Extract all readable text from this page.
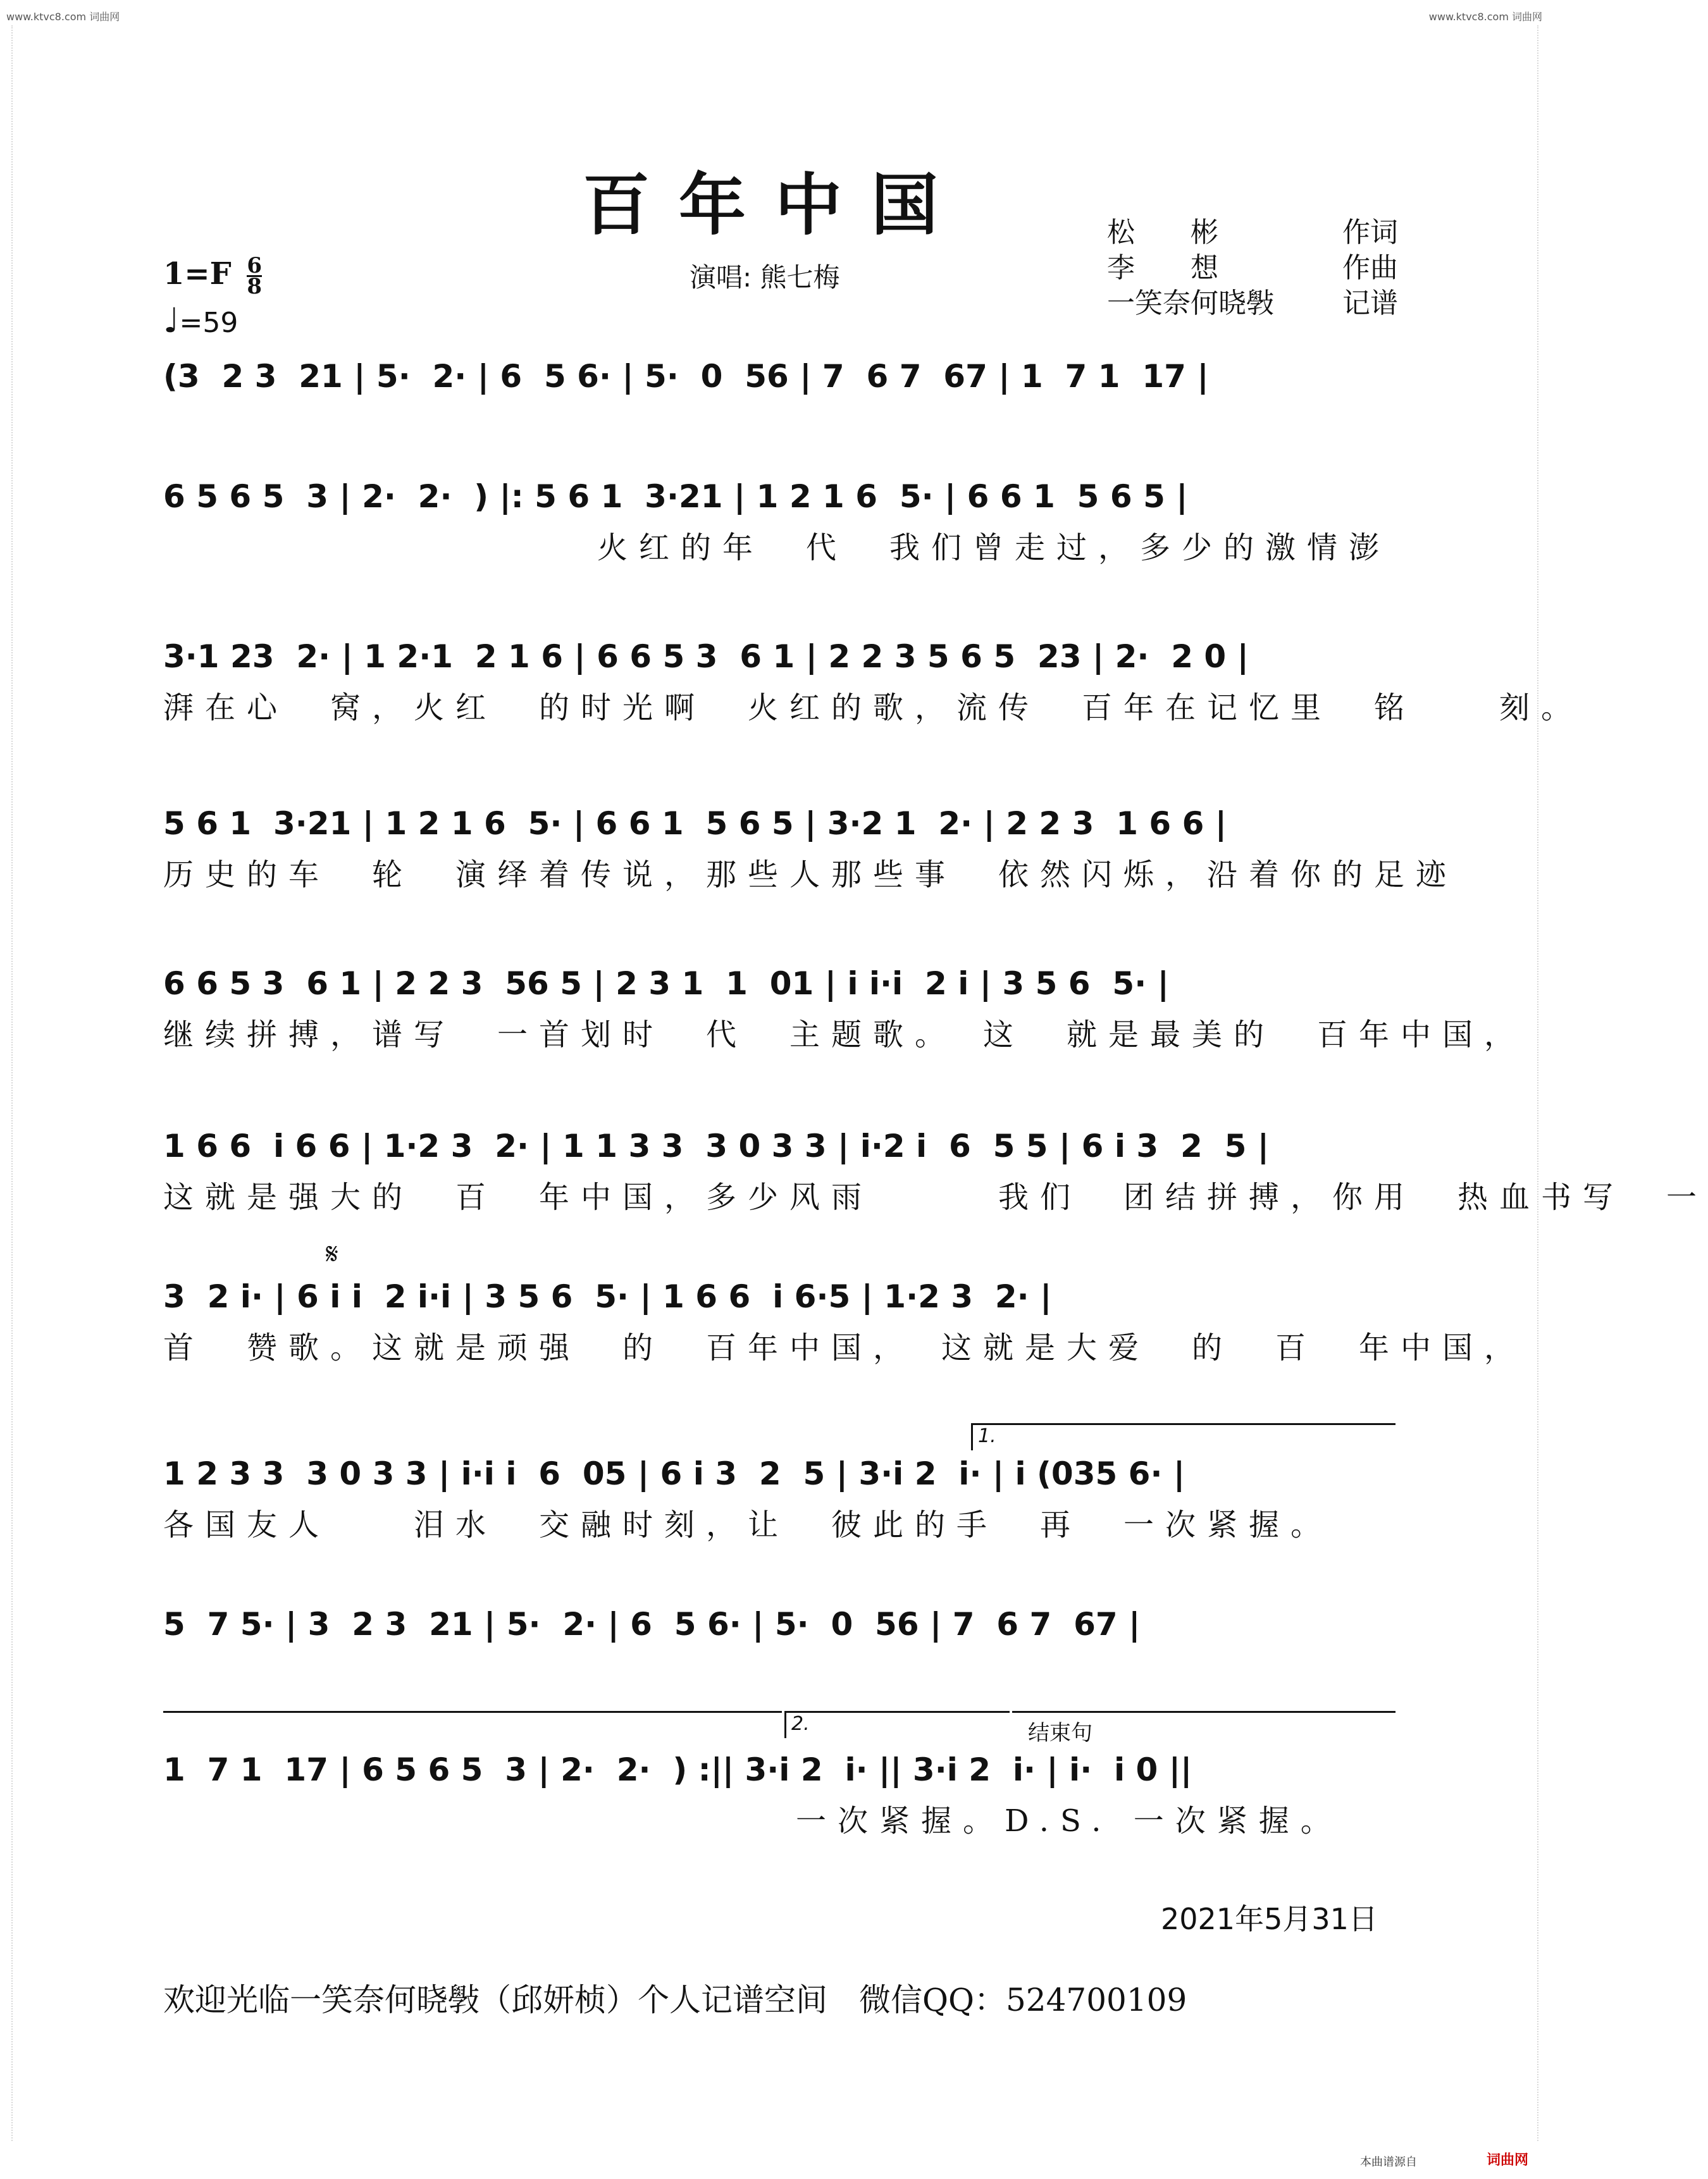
www.ktvc8.com 词曲网	www.ktvc8.com 词曲网
百年中国	松　　彬	作词
李　　想	作曲
一笑奈何晓斅 记谱
$1=F \frac{6}{8}$
♩=59
演唱: 熊七梅
(3  2 3  21 | 5·  2· | 6  5 6· | 5·  0  56 | 7  6 7  67 | 1  7 1  17 |
6 5 6 5  3 | 2·  2·  ) |: 5 6 1  3·21 | 1 2 1 6  5· | 6 6 1  5 6 5 |
火红的年　代　我们曾走过，多少的激情澎
3·1 23  2· | 1 2·1  2 1 6 | 6 6 5 3  6 1 | 2 2 3 5 6 5  23 | 2·  2 0 |
湃在心　窝，火红　的时光啊　火红的歌，流传　百年在记忆里　铭　　刻。
5 6 1  3·21 | 1 2 1 6  5· | 6 6 1  5 6 5 | 3·2 1  2· | 2 2 3  1 6 6 |
历史的车　轮　演绎着传说，那些人那些事　依然闪烁，沿着你的足迹
6 6 5 3  6 1 | 2 2 3  56 5 | 2 3 1  1  01 | i i·i  2 i | 3 5 6  5· |
继续拼搏，谱写　一首划时　代　主题歌。　这　就是最美的　百年中国，
1 6 6  i 6 6 | 1·2 3  2· | 1 1 3 3  3 0 3 3 | i·2 i  6  5 5 | 6 i 3  2  5 |
这就是强大的　百　年中国，多少风雨　　　我们　团结拼搏，你用　热血书写　一
𝄋
3  2 i· | 6 i i  2 i·i | 3 5 6  5· | 1 6 6  i 6·5 | 1·2 3  2· |
首　赞歌。这就是顽强　的　百年中国，　这就是大爱　的　百　年中国，
1.
1 2 3 3  3 0 3 3 | i·i i  6  05 | 6 i 3  2  5 | 3·i 2  i· | i (035 6· |
各国友人　　泪水　交融时刻，让　彼此的手　再　一次紧握。
5  7 5· | 3  2 3  21 | 5·  2· | 6  5 6· | 5·  0  56 | 7  6 7  67 |
2.	结束句
1  7 1  17 | 6 5 6 5  3 | 2·  2·  ) :|| 3·i 2  i· || 3·i 2  i· | i·  i 0 ||
一次紧握。D.S. 一次紧握。
2021年5月31日
欢迎光临一笑奈何晓斅（邱妍桢）个人记谱空间　微信QQ：524700109
本曲谱源自	词曲网
